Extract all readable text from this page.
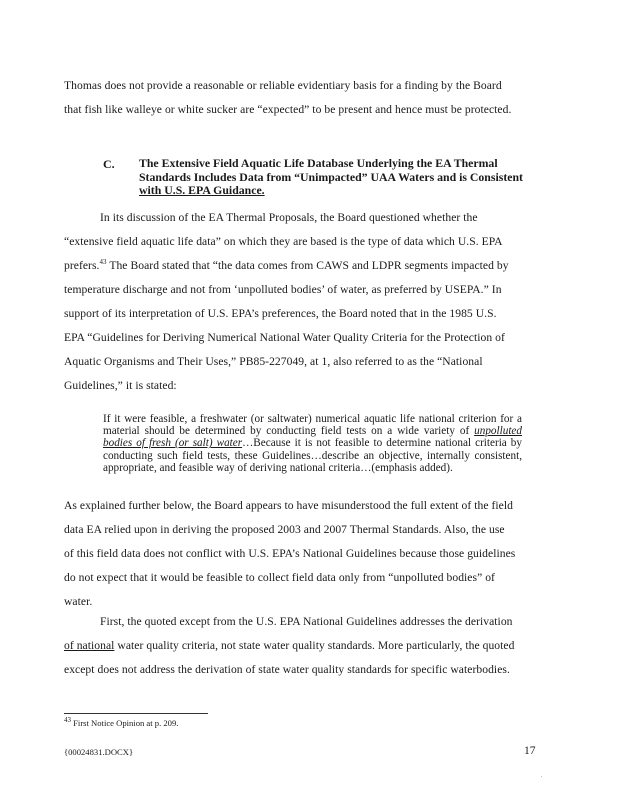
Thomas does not provide a reasonable or reliable evidentiary basis for a finding by the Board

that fish like walleye or white sucker are “expected” to be present and hence must be protected.

C. The Extensive Field Aquatic Life Database Underlying the EA Thermal
Standards Includes Data from “Unimpacted” UAA Waters and is Consistent
with U.S. EPA Guidance.

In its discussion of the EA Thermal Proposals, the Board questioned whether the

“extensive field aquatic life data” on which they are based is the type of data which U.S. EPA

prefers.$^{43}$ The Board stated that “the data comes from CAWS and LDPR segments impacted by

temperature discharge and not from ‘unpolluted bodies’ of water, as preferred by USEPA.” In

support of its interpretation of U.S. EPA’s preferences, the Board noted that in the 1985 U.S.

EPA “Guidelines for Deriving Numerical National Water Quality Criteria for the Protection of

Aquatic Organisms and Their Uses,” PB85-227049, at 1, also referred to as the “National

Guidelines,” it is stated:

If it were feasible, a freshwater (or saltwater) numerical aquatic life national criterion for a material should be determined by conducting field tests on a wide variety of unpolluted bodies of fresh (or salt) water…Because it is not feasible to determine national criteria by conducting such field tests, these Guidelines…describe an objective, internally consistent, appropriate, and feasible way of deriving national criteria…(emphasis added).

As explained further below, the Board appears to have misunderstood the full extent of the field

data EA relied upon in deriving the proposed 2003 and 2007 Thermal Standards. Also, the use

of this field data does not conflict with U.S. EPA’s National Guidelines because those guidelines

do not expect that it would be feasible to collect field data only from “unpolluted bodies” of

water.

First, the quoted except from the U.S. EPA National Guidelines addresses the derivation

of national water quality criteria, not state water quality standards. More particularly, the quoted

except does not address the derivation of state water quality standards for specific waterbodies.

$^{43}$ First Notice Opinion at p. 209.
{00024831.DOCX}	17
.
